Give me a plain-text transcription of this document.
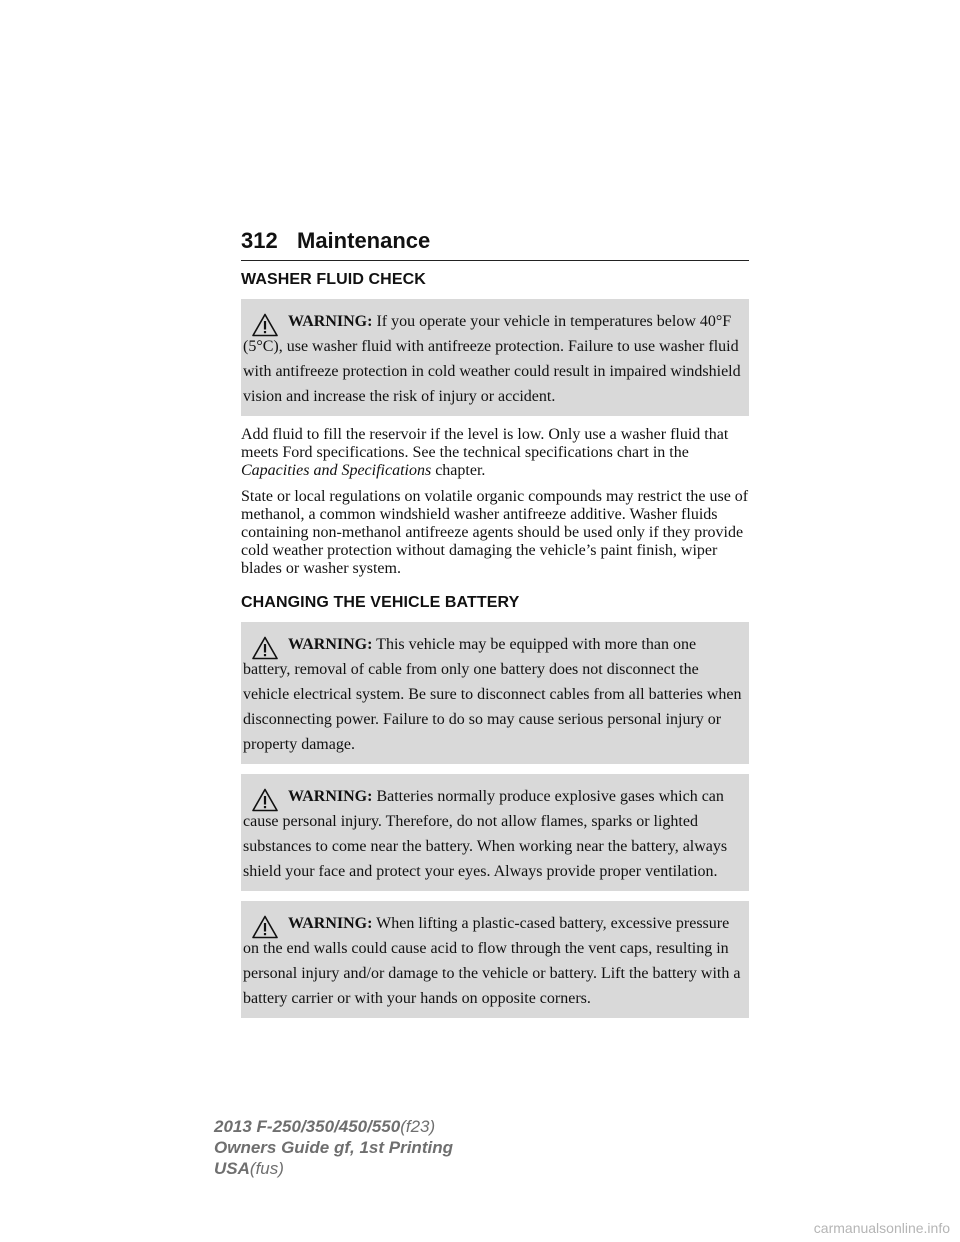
312 Maintenance
WASHER FLUID CHECK
WARNING: If you operate your vehicle in temperatures below 40°F (5°C), use washer fluid with antifreeze protection. Failure to use washer fluid with antifreeze protection in cold weather could result in impaired windshield vision and increase the risk of injury or accident.

Add fluid to fill the reservoir if the level is low. Only use a washer fluid that meets Ford specifications. See the technical specifications chart in the Capacities and Specifications chapter.

State or local regulations on volatile organic compounds may restrict the use of methanol, a common windshield washer antifreeze additive. Washer fluids containing non-methanol antifreeze agents should be used only if they provide cold weather protection without damaging the vehicle’s paint finish, wiper blades or washer system.

CHANGING THE VEHICLE BATTERY
WARNING: This vehicle may be equipped with more than one battery, removal of cable from only one battery does not disconnect the vehicle electrical system. Be sure to disconnect cables from all batteries when disconnecting power. Failure to do so may cause serious personal injury or property damage.
WARNING: Batteries normally produce explosive gases which can cause personal injury. Therefore, do not allow flames, sparks or lighted substances to come near the battery. When working near the battery, always shield your face and protect your eyes. Always provide proper ventilation.
WARNING: When lifting a plastic-cased battery, excessive pressure on the end walls could cause acid to flow through the vent caps, resulting in personal injury and/or damage to the vehicle or battery. Lift the battery with a battery carrier or with your hands on opposite corners.
2013 F-250/350/450/550(f23)
Owners Guide gf, 1st Printing
USA(fus)
carmanualsonline.info
